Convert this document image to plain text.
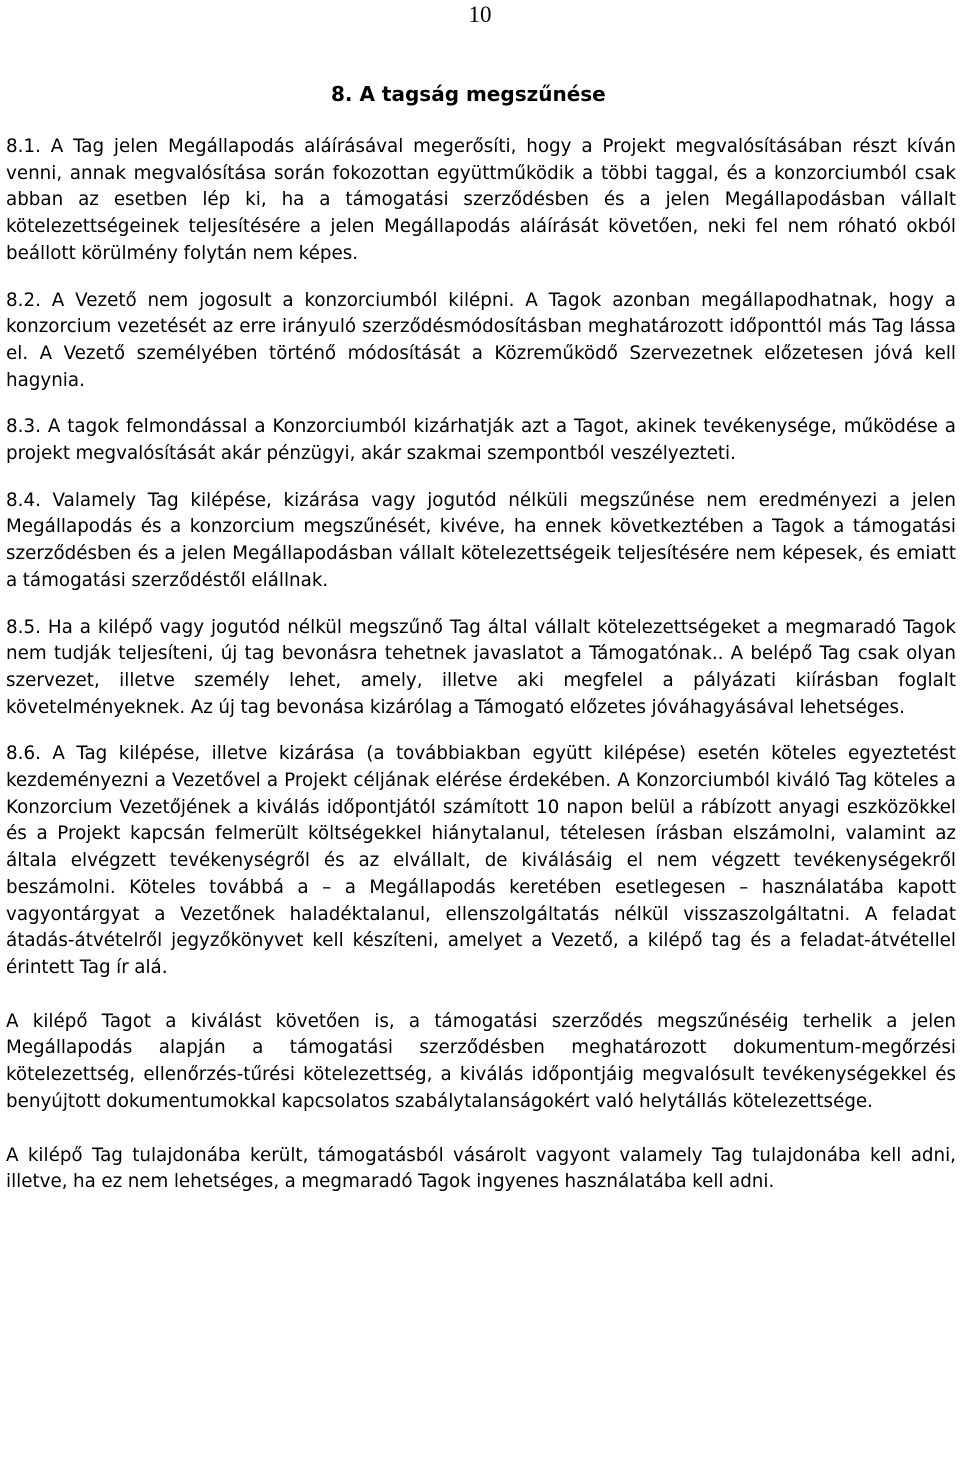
10
8. A tagság megszűnése

8.1. A Tag jelen Megállapodás aláírásával megerősíti, hogy a Projekt megvalósításában részt kíván venni, annak megvalósítása során fokozottan együttműködik a többi taggal, és a konzorciumból csak abban az esetben lép ki, ha a támogatási szerződésben és a jelen Megállapodásban vállalt kötelezettségeinek teljesítésére a jelen Megállapodás aláírását követően, neki fel nem róható okból beállott körülmény folytán nem képes.

8.2. A Vezető nem jogosult a konzorciumból kilépni. A Tagok azonban megállapodhatnak, hogy a konzorcium vezetését az erre irányuló szerződésmódosításban meghatározott időponttól más Tag lássa el. A Vezető személyében történő módosítását a Közreműködő Szervezetnek előzetesen jóvá kell hagynia.

8.3. A tagok felmondással a Konzorciumból kizárhatják azt a Tagot, akinek tevékenysége, működése a projekt megvalósítását akár pénzügyi, akár szakmai szempontból veszélyezteti.

8.4. Valamely Tag kilépése, kizárása vagy jogutód nélküli megszűnése nem eredményezi a jelen Megállapodás és a konzorcium megszűnését, kivéve, ha ennek következtében a Tagok a támogatási szerződésben és a jelen Megállapodásban vállalt kötelezettségeik teljesítésére nem képesek, és emiatt a támogatási szerződéstől elállnak.

8.5. Ha a kilépő vagy jogutód nélkül megszűnő Tag által vállalt kötelezettségeket a megmaradó Tagok nem tudják teljesíteni, új tag bevonásra tehetnek javaslatot a Támogatónak.. A belépő Tag csak olyan szervezet, illetve személy lehet, amely, illetve aki megfelel a pályázati kiírásban foglalt követelményeknek. Az új tag bevonása kizárólag a Támogató előzetes jóváhagyásával lehetséges.

8.6. A Tag kilépése, illetve kizárása (a továbbiakban együtt kilépése) esetén köteles egyeztetést kezdeményezni a Vezetővel a Projekt céljának elérése érdekében. A Konzorciumból kiváló Tag köteles a Konzorcium Vezetőjének a kiválás időpontjától számított 10 napon belül a rábízott anyagi eszközökkel és a Projekt kapcsán felmerült költségekkel hiánytalanul, tételesen írásban elszámolni, valamint az általa elvégzett tevékenységről és az elvállalt, de kiválásáig el nem végzett tevékenységekről beszámolni. Köteles továbbá a – a Megállapodás keretében esetlegesen – használatába kapott vagyontárgyat a Vezetőnek haladéktalanul, ellenszolgáltatás nélkül visszaszolgáltatni. A feladat átadás-átvételről jegyzőkönyvet kell készíteni, amelyet a Vezető, a kilépő tag és a feladat-átvétellel érintett Tag ír alá.

A kilépő Tagot a kiválást követően is, a támogatási szerződés megszűnéséig terhelik a jelen Megállapodás alapján a támogatási szerződésben meghatározott dokumentum-megőrzési kötelezettség, ellenőrzés-tűrési kötelezettség, a kiválás időpontjáig megvalósult tevékenységekkel és benyújtott dokumentumokkal kapcsolatos szabálytalanságokért való helytállás kötelezettsége.

A kilépő Tag tulajdonába került, támogatásból vásárolt vagyont valamely Tag tulajdonába kell adni, illetve, ha ez nem lehetséges, a megmaradó Tagok ingyenes használatába kell adni.
